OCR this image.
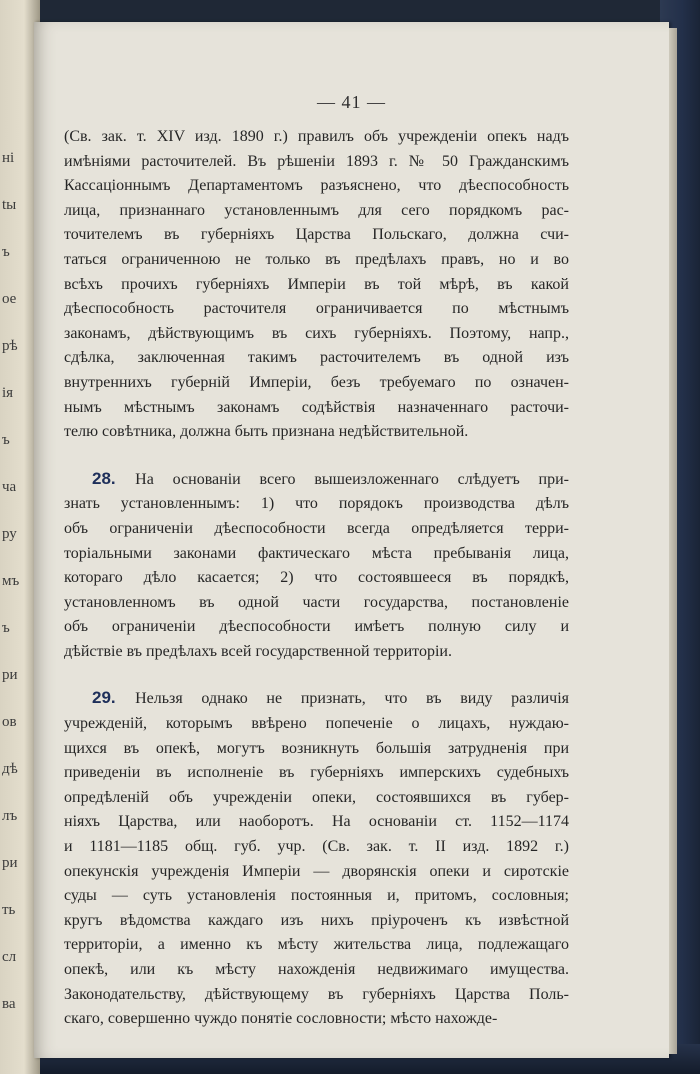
ні
tы
ъ
ое
рѣ
ія
ъ
ча
ру
мъ
ъ
ри
ов
дѣ
лъ
ри
ть
сл
ва
— 41 —

(Св. зак. т. XIV изд. 1890 г.) правилъ объ учрежденіи опекъ надъ
имѣніями расточителей. Въ рѣшеніи 1893 г. № 50 Гражданскимъ
Кассаціоннымъ Департаментомъ разъяснено, что дѣеспособность
лица, признаннаго установленнымъ для сего порядкомъ рас-
точителемъ въ губерніяхъ Царства Польскаго, должна счи-
таться ограниченною не только въ предѣлахъ правъ, но и во
всѣхъ прочихъ губерніяхъ Имперіи въ той мѣрѣ, въ какой
дѣеспособность расточителя ограничивается по мѣстнымъ
законамъ, дѣйствующимъ въ сихъ губерніяхъ. Поэтому, напр.,
сдѣлка, заключенная такимъ расточителемъ въ одной изъ
внутреннихъ губерній Имперіи, безъ требуемаго по означен-
нымъ мѣстнымъ законамъ содѣйствія назначеннаго расточи-
телю совѣтника, должна быть признана недѣйствительной.

28. На основаніи всего вышеизложеннаго слѣдуетъ при-
знать установленнымъ: 1) что порядокъ производства дѣлъ
объ ограниченіи дѣеспособности всегда опредѣляется терри-
торіальными законами фактическаго мѣста пребыванія лица,
котораго дѣло касается; 2) что состоявшееся въ порядкѣ,
установленномъ въ одной части государства, постановленіе
объ ограниченіи дѣеспособности имѣетъ полную силу и
дѣйствіе въ предѣлахъ всей государственной территоріи.

29. Нельзя однако не признать, что въ виду различія
учрежденій, которымъ ввѣрено попеченіе о лицахъ, нуждаю-
щихся въ опекѣ, могутъ возникнуть большія затрудненія при
приведеніи въ исполненіе въ губерніяхъ имперскихъ судебныхъ
опредѣленій объ учрежденіи опеки, состоявшихся въ губер-
ніяхъ Царства, или наоборотъ. На основаніи ст. 1152—1174
и 1181—1185 общ. губ. учр. (Св. зак. т. II изд. 1892 г.)
опекунскія учрежденія Имперіи — дворянскія опеки и сиротскіе
суды — суть установленія постоянныя и, притомъ, сословныя;
кругъ вѣдомства каждаго изъ нихъ пріуроченъ къ извѣстной
территоріи, а именно къ мѣсту жительства лица, подлежащаго
опекѣ, или къ мѣсту нахожденія недвижимаго имущества.
Законодательству, дѣйствующему въ губерніяхъ Царства Поль-
скаго, совершенно чуждо понятіе сословности; мѣсто нахожде-
